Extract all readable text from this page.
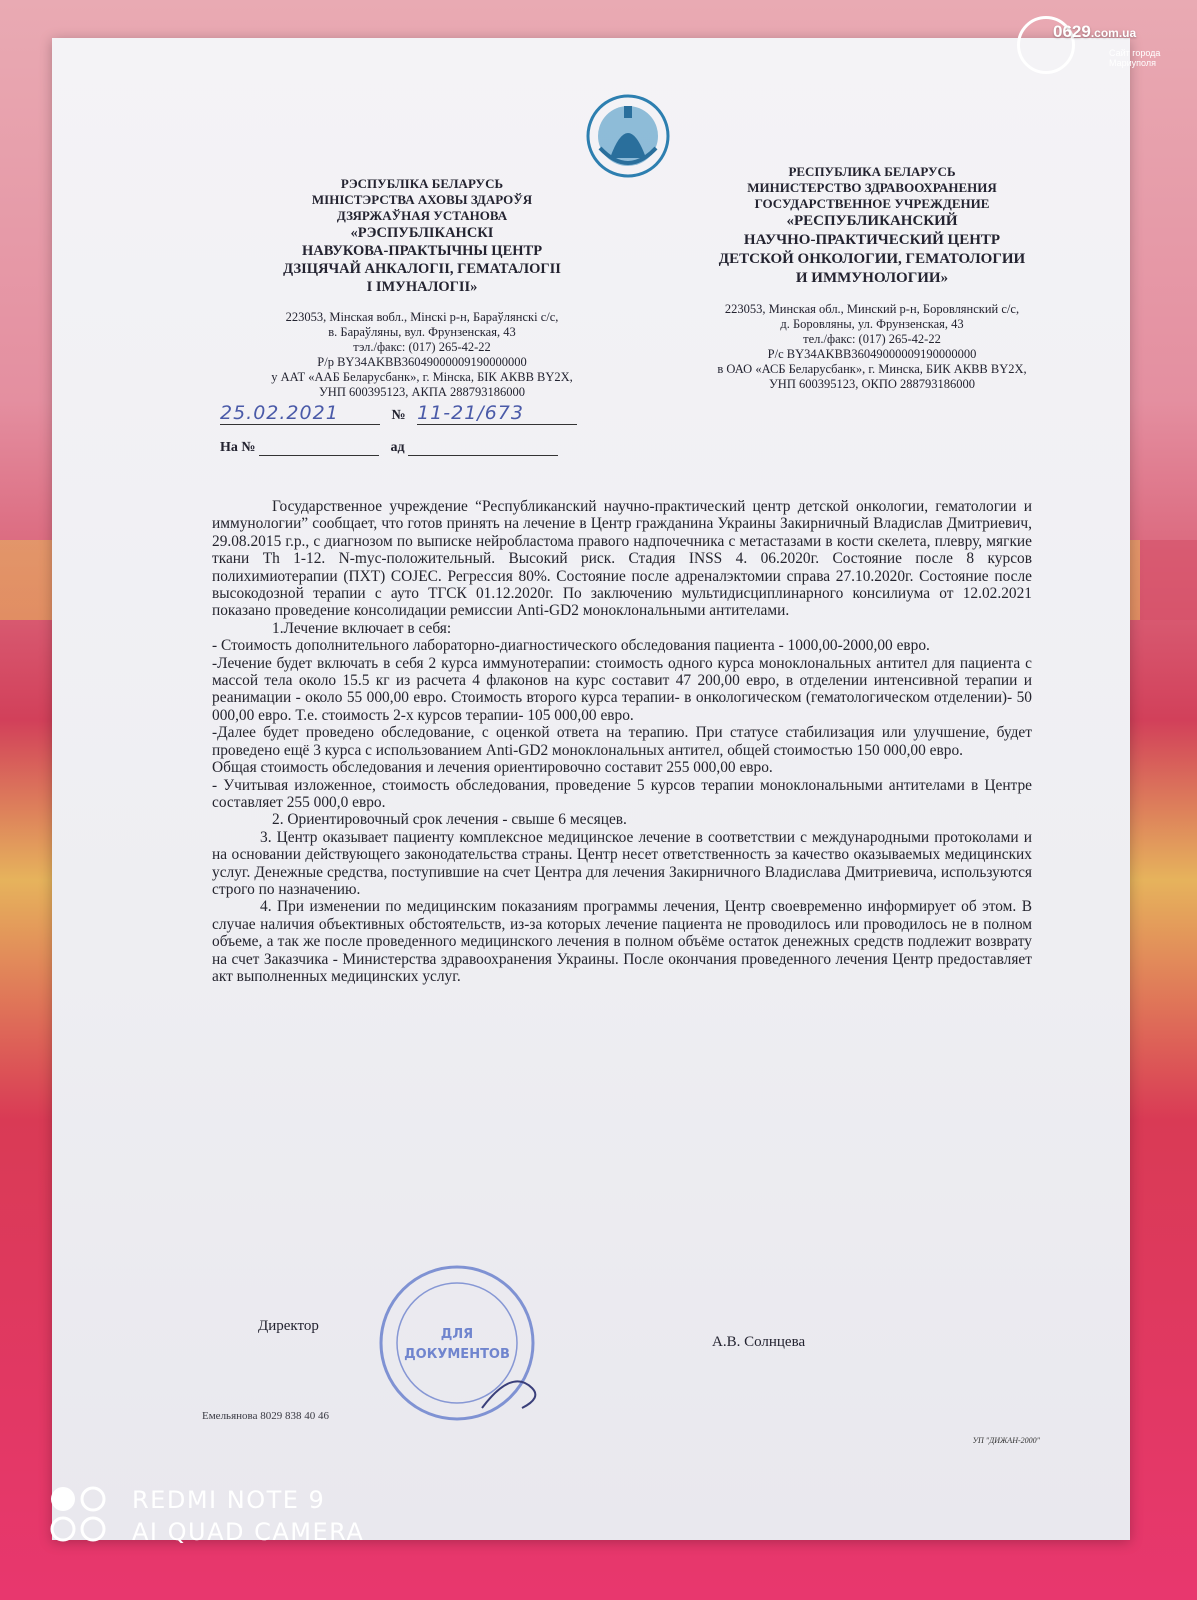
РЭСПУБЛІКА БЕЛАРУСЬ
МІНІСТЭРСТВА АХОВЫ ЗДАРОЎЯ
ДЗЯРЖАЎНАЯ УСТАНОВА
«РЭСПУБЛІКАНСКІ
НАВУКОВА-ПРАКТЫЧНЫ ЦЕНТР
ДЗІЦЯЧАЙ АНКАЛОГІІ, ГЕМАТАЛОГІІ
І ІМУНАЛОГІІ»
223053, Мінская вобл., Мінскі р-н, Бараўлянскі с/с,
в. Бараўляны, вул. Фрунзенская, 43
тэл./факс: (017) 265-42-22
Р/р BY34AKBB36049000009190000000
у ААТ «ААБ Беларусбанк», г. Мінска, БІК АКВВ BY2X,
УНП 600395123, АКПА 288793186000
РЕСПУБЛИКА БЕЛАРУСЬ
МИНИСТЕРСТВО ЗДРАВООХРАНЕНИЯ
ГОСУДАРСТВЕННОЕ УЧРЕЖДЕНИЕ
«РЕСПУБЛИКАНСКИЙ
НАУЧНО-ПРАКТИЧЕСКИЙ ЦЕНТР
ДЕТСКОЙ ОНКОЛОГИИ, ГЕМАТОЛОГИИ
И ИММУНОЛОГИИ»
223053, Минская обл., Минский р-н, Боровлянский с/с,
д. Боровляны, ул. Фрунзенская, 43
тел./факс: (017) 265-42-22
Р/с BY34AKBB36049000009190000000
в ОАО «АСБ Беларусбанк», г. Минска, БИК АКВВ BY2X,
УНП 600395123, ОКПО 288793186000
25.02.2021	№ 11-21/673
На №	ад

Государственное учреждение “Республиканский научно-практический центр детской онкологии, гематологии и иммунологии” сообщает, что готов принять на лечение в Центр гражданина Украины Закирничный Владислав Дмитриевич, 29.08.2015 г.р., с диагнозом по выписке нейробластома правого надпочечника с метастазами в кости скелета, плевру, мягкие ткани Th 1-12. N-myc-положительный. Высокий риск. Стадия INSS 4. 06.2020г. Состояние после 8 курсов полихимиотерапии (ПХТ) COJEC. Регрессия 80%. Состояние после адреналэктомии справа 27.10.2020г. Состояние после высокодозной терапии с ауто ТГСК 01.12.2020г. По заключению мультидисциплинарного консилиума от 12.02.2021 показано проведение консолидации ремиссии Anti-GD2 моноклональными антителами.

1.Лечение включает в себя:

- Стоимость дополнительного лабораторно-диагностического обследования пациента - 1000,00-2000,00 евро.

-Лечение будет включать в себя 2 курса иммунотерапии: стоимость одного курса моноклональных антител для пациента с массой тела около 15.5 кг из расчета 4 флаконов на курс составит 47 200,00 евро, в отделении интенсивной терапии и реанимации - около 55 000,00 евро. Стоимость второго курса терапии- в онкологическом (гематологическом отделении)- 50 000,00 евро. Т.е. стоимость 2-х курсов терапии- 105 000,00 евро.

-Далее будет проведено обследование, с оценкой ответа на терапию. При статусе стабилизация или улучшение, будет проведено ещё 3 курса с использованием Anti-GD2 моноклональных антител, общей стоимостью 150 000,00 евро.

Общая стоимость обследования и лечения ориентировочно составит 255 000,00 евро.

- Учитывая изложенное, стоимость обследования, проведение 5 курсов терапии моноклональными антителами в Центре составляет 255 000,0 евро.

2. Ориентировочный срок лечения - свыше 6 месяцев.

3. Центр оказывает пациенту комплексное медицинское лечение в соответствии с международными протоколами и на основании действующего законодательства страны. Центр несет ответственность за качество оказываемых медицинских услуг. Денежные средства, поступившие на счет Центра для лечения Закирничного Владислава Дмитриевича, используются строго по назначению.

4. При изменении по медицинским показаниям программы лечения, Центр своевременно информирует об этом. В случае наличия объективных обстоятельств, из-за которых лечение пациента не проводилось или проводилось не в полном объеме, а так же после проведенного медицинского лечения в полном объёме остаток денежных средств подлежит возврату на счет Заказчика - Министерства здравоохранения Украины. После окончания проведенного лечения Центр предоставляет акт выполненных медицинских услуг.

ДЛЯ
ДОКУМЕНТОВ
Директор
А.В. Солнцева
Емельянова 8029 838 40 46
УП "ДИЖАН-2000"
0629.com.ua
Сайт города
Мариуполя
REDMI NOTE 9
AI QUAD CAMERA
